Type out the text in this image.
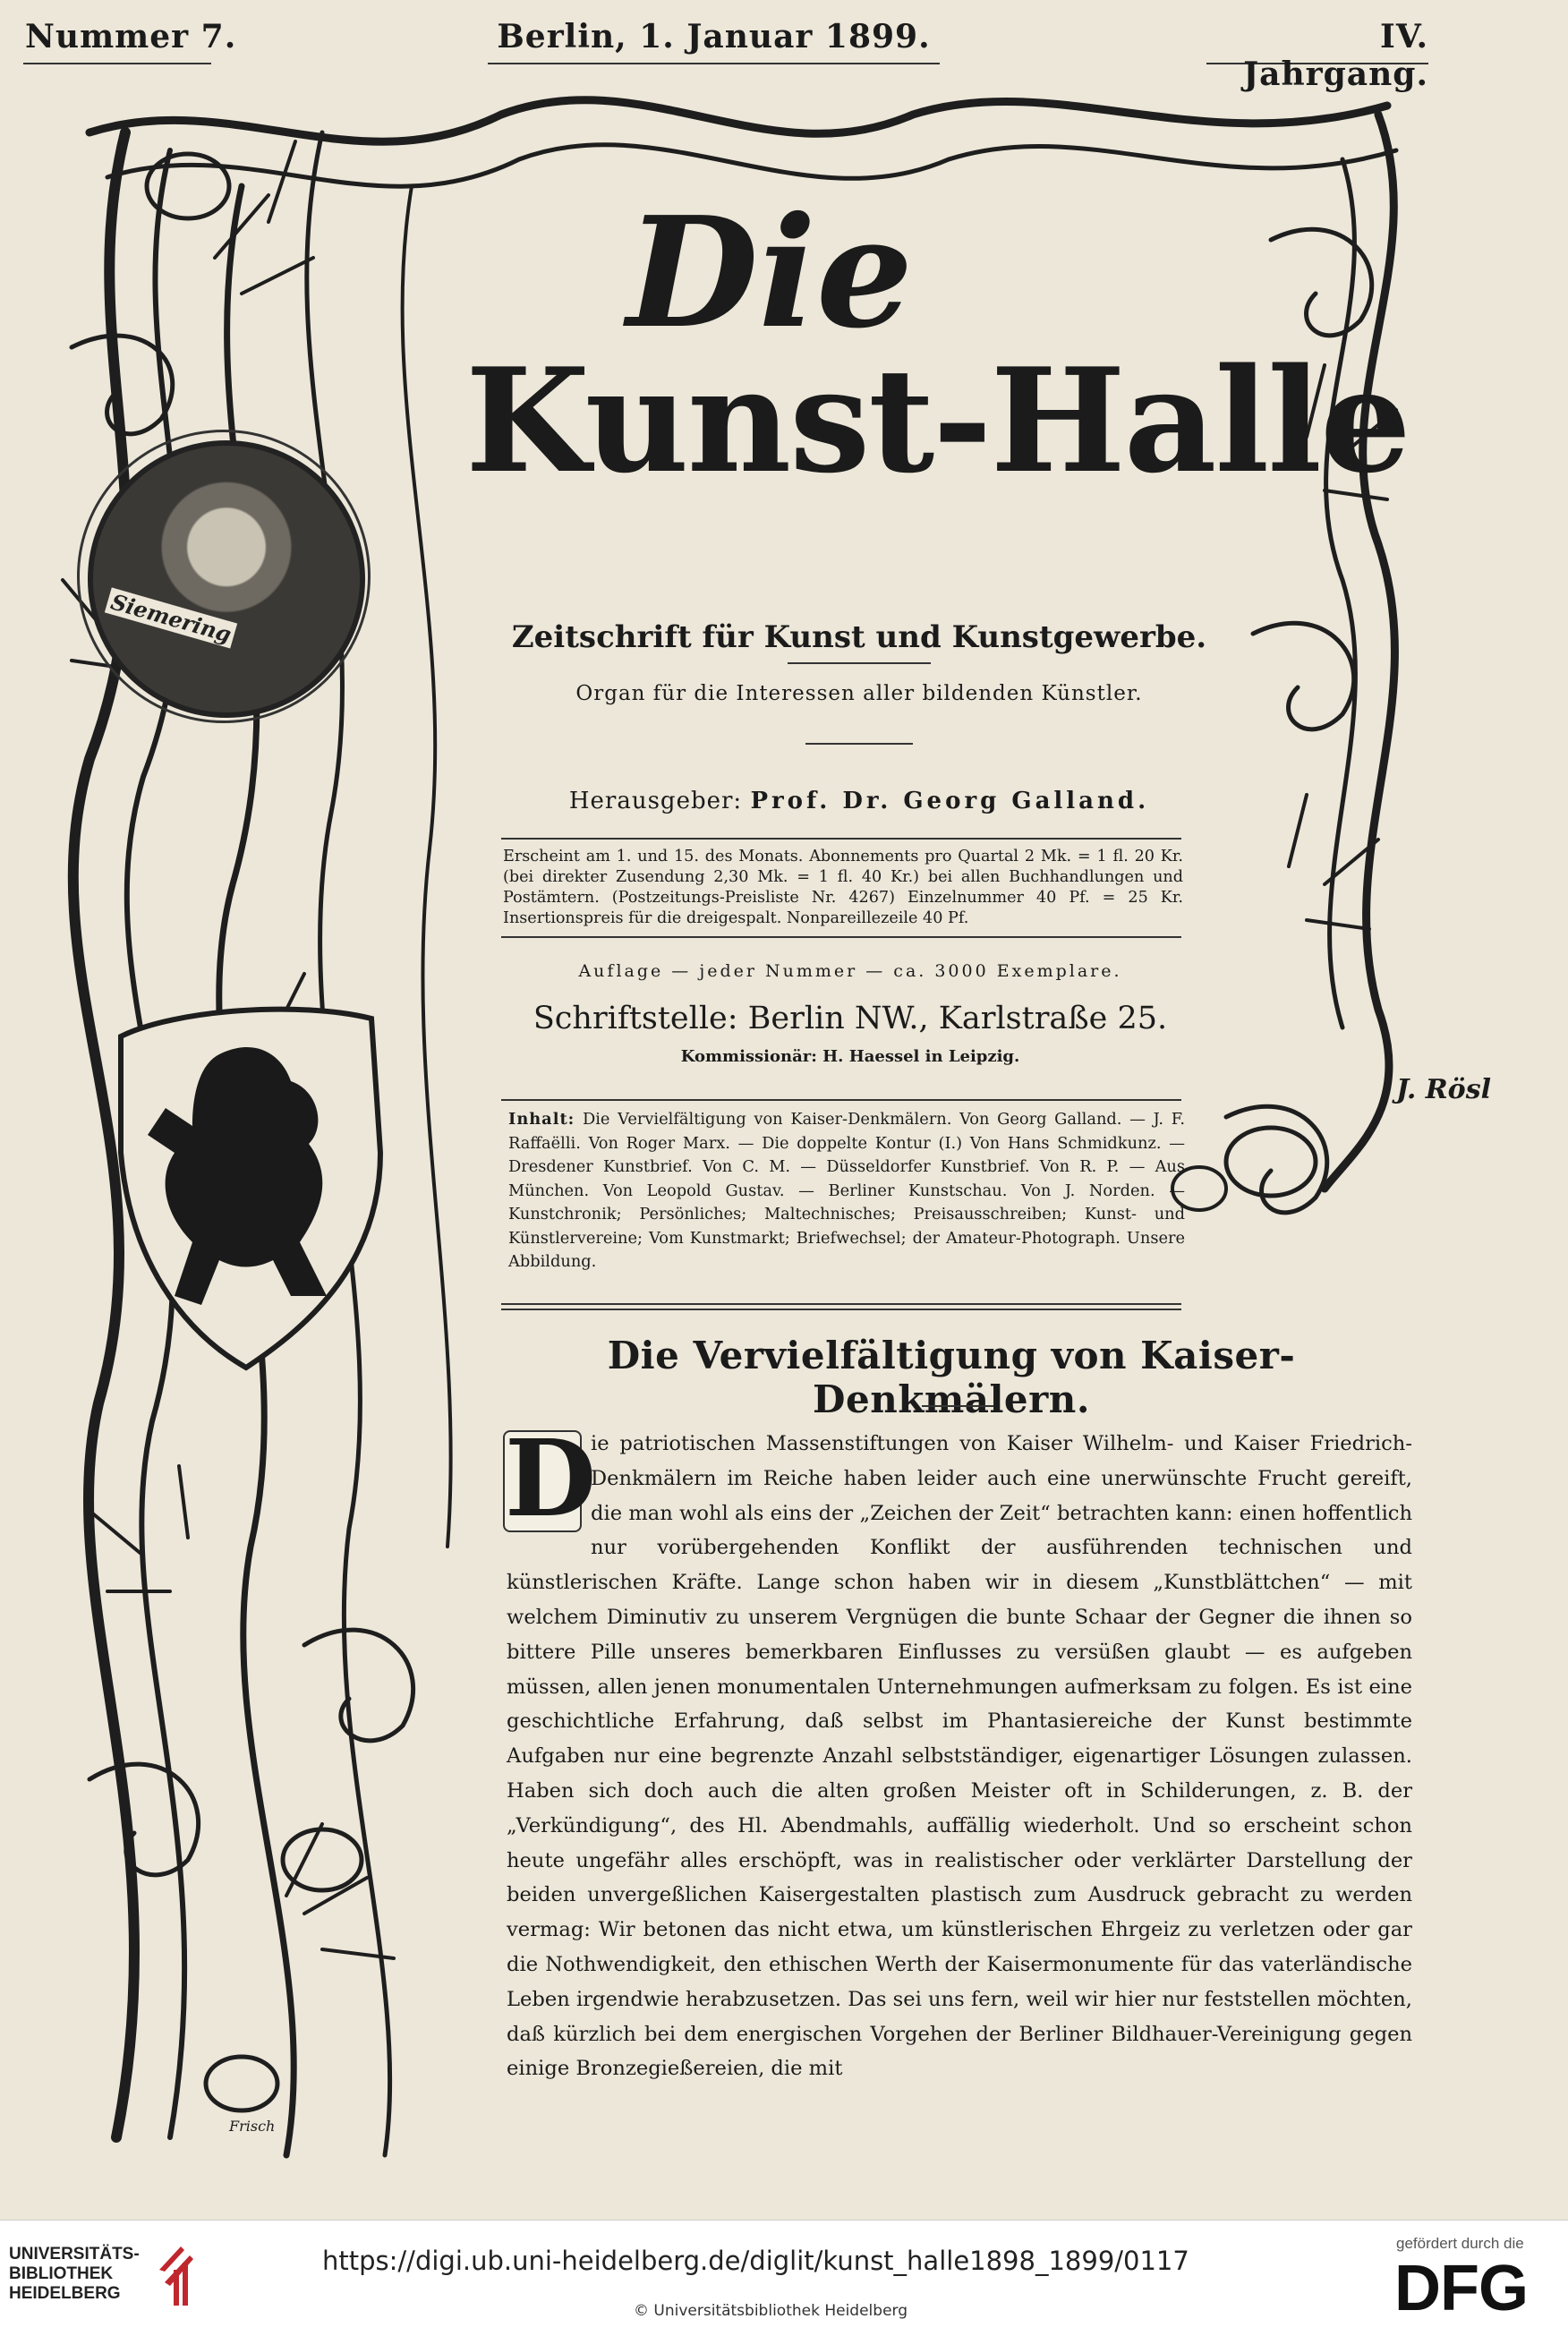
Nummer 7.	Berlin, 1. Januar 1899.	IV. Jahrgang.
Siemering
Die
Kunst-Halle
Zeitschrift für Kunst und Kunstgewerbe.
Organ für die Interessen aller bildenden Künstler.
Herausgeber: Prof. Dr. Georg Galland.
Erscheint am 1. und 15. des Monats. Abonnements pro Quartal 2 Mk. = 1 fl. 20 Kr. (bei direkter Zusendung 2,30 Mk. = 1 fl. 40 Kr.) bei allen Buchhandlungen und Postämtern. (Postzeitungs-Preisliste Nr. 4267) Einzelnummer 40 Pf. = 25 Kr. Insertionspreis für die dreigespalt. Nonpareillezeile 40 Pf.
Auflage — jeder Nummer — ca. 3000 Exemplare.
Schriftstelle: Berlin NW., Karlstraße 25.
Kommissionär: H. Haessel in Leipzig.
J. Rösl
Inhalt: Die Vervielfältigung von Kaiser-Denkmälern. Von Georg Galland. — J. F. Raffaëlli. Von Roger Marx. — Die doppelte Kontur (I.) Von Hans Schmidkunz. — Dresdener Kunstbrief. Von C. M. — Düsseldorfer Kunstbrief. Von R. P. — Aus München. Von Leopold Gustav. — Berliner Kunstschau. Von J. Norden. — Kunstchronik; Persönliches; Maltechnisches; Preisausschreiben; Kunst- und Künstlervereine; Vom Kunstmarkt; Briefwechsel; der Amateur-Photograph. Unsere Abbildung.
Die Vervielfältigung von Kaiser-Denkmälern.
D

ie patriotischen Massenstiftungen von Kaiser Wilhelm- und Kaiser Friedrich-Denkmälern im Reiche haben leider auch eine unerwünschte Frucht gereift, die man wohl als eins der „Zeichen der Zeit“ betrachten kann: einen hoffentlich nur vorübergehenden Konflikt der ausführenden technischen und künstlerischen Kräfte. Lange schon haben wir in diesem „Kunstblättchen“ — mit welchem Diminutiv zu unserem Vergnügen die bunte Schaar der Gegner die ihnen so bittere Pille unseres bemerkbaren Einflusses zu versüßen glaubt — es aufgeben müssen, allen jenen monumentalen Unternehmungen aufmerksam zu folgen. Es ist eine geschichtliche Erfahrung, daß selbst im Phantasiereiche der Kunst bestimmte Aufgaben nur eine begrenzte Anzahl selbstständiger, eigenartiger Lösungen zulassen. Haben sich doch auch die alten großen Meister oft in Schilderungen, z. B. der „Verkündigung“, des Hl. Abendmahls, auffällig wiederholt. Und so erscheint schon heute ungefähr alles erschöpft, was in realistischer oder verklärter Darstellung der beiden unvergeßlichen Kaisergestalten plastisch zum Ausdruck gebracht zu werden vermag: Wir betonen das nicht etwa, um künstlerischen Ehrgeiz zu verletzen oder gar die Nothwendigkeit, den ethischen Werth der Kaisermonumente für das vaterländische Leben irgendwie herabzusetzen. Das sei uns fern, weil wir hier nur feststellen möchten, daß kürzlich bei dem energischen Vorgehen der Berliner Bildhauer-Vereinigung gegen einige Bronzegießereien, die mit

Frisch
UNIVERSITÄTS-
BIBLIOTHEK
HEIDELBERG
https://digi.ub.uni-heidelberg.de/diglit/kunst_halle1898_1899/0117
© Universitätsbibliothek Heidelberg
gefördert durch die
DFG
